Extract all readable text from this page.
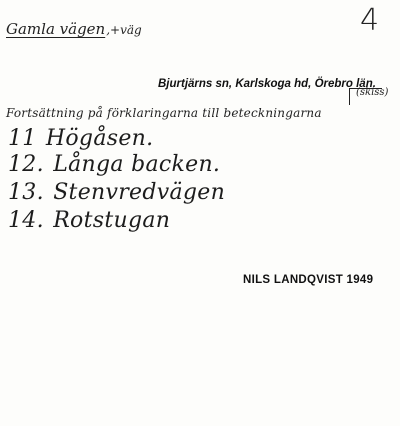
Gamla vägen,+väg	4
Bjurtjärns sn, Karlskoga hd, Örebro län.
(skiss)
Fortsättning på förklaringarna till beteckningarna
11 Högåsen.
12. Långa backen.
13. Stenvredvägen
14. Rotstugan
NILS LANDQVIST 1949
